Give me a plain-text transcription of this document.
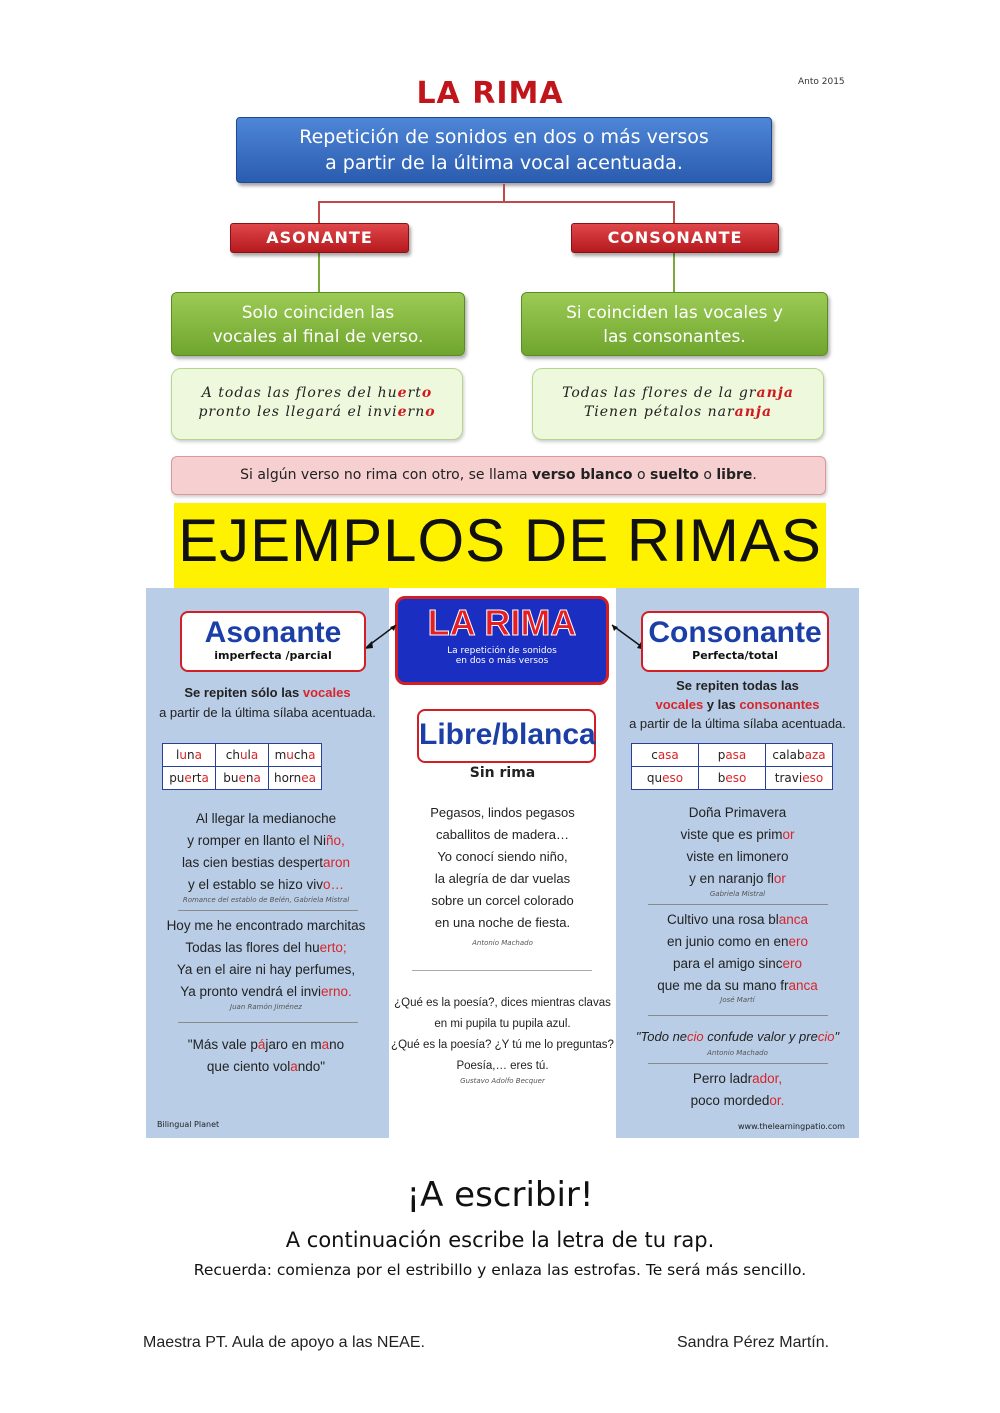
LA RIMA	Anto 2015
Repetición de sonidos en dos o más versos
a partir de la última vocal acentuada.
ASONANTE	CONSONANTE
Solo coinciden las
vocales al final de verso.
Si coinciden las vocales y
las consonantes.
A todas las flores del huerto
pronto les llegará el invierno
Todas las flores de la granja
Tienen pétalos naranja
Si algún verso no rima con otro, se llama verso blanco o suelto o libre.
EJEMPLOS DE RIMAS
LA RIMA
La repetición de sonidos
en dos o más versos
Asonante
imperfecta /parcial
Se repiten sólo las vocales
a partir de la última sílaba acentuada.
luna	chula	mucha
puerta	buena	hornea
Al llegar la medianoche
y romper en llanto el Niño,
las cien bestias despertaron
y el establo se hizo vivo…
Romance del establo de Belén, Gabriela Mistral
Hoy me he encontrado marchitas
Todas las flores del huerto;
Ya en el aire ni hay perfumes,
Ya pronto vendrá el invierno.
Juan Ramón Jiménez
"Más vale pájaro en mano
que ciento volando"
Bilingual Planet
Libre/blanca
Sin rima
Pegasos, lindos pegasos
caballitos de madera…
Yo conocí siendo niño,
la alegría de dar vuelas
sobre un corcel colorado
en una noche de fiesta.
Antonio Machado
¿Qué es la poesía?, dices mientras clavas
en mi pupila tu pupila azul.
¿Qué es la poesía? ¿Y tú me lo preguntas?
Poesía,… eres tú.
Gustavo Adolfo Becquer
Consonante
Perfecta/total
Se repiten todas las
vocales y las consonantes
a partir de la última sílaba acentuada.
casa	pasa	calabaza
queso	beso	travieso
Doña Primavera
viste que es primor
viste en limonero
y en naranjo flor
Gabriela Mistral
Cultivo una rosa blanca
en junio como en enero
para el amigo sincero
que me da su mano franca
José Martí
"Todo necio confude valor y precio"
Antonio Machado
Perro ladrador,
poco mordedor.
www.thelearningpatio.com
¡A escribir!
A continuación escribe la letra de tu rap.
Recuerda: comienza por el estribillo y enlaza las estrofas. Te será más sencillo.
Maestra PT. Aula de apoyo a las NEAE.	Sandra Pérez Martín.
